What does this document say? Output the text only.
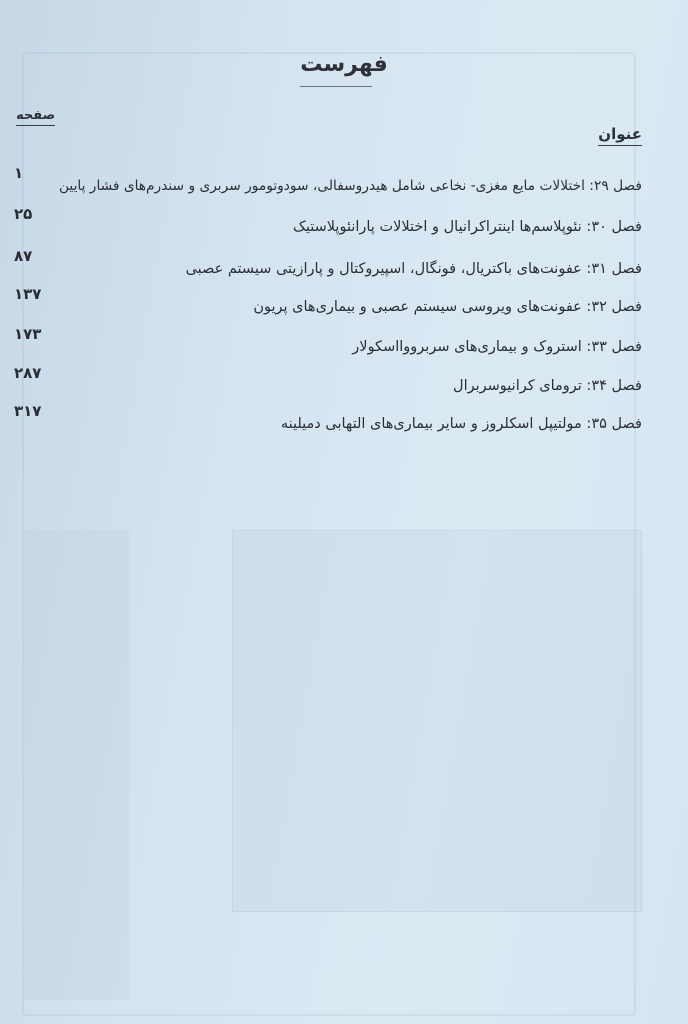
فهرست
صفحه
عنوان
فصل ۲۹: اختلالات مایع مغزی- نخاعی شامل هیدروسفالی، سودوتومور سربری و سندرم‌های فشار پایین
۱
فصل ۳۰: نئوپلاسم‌ها اینتراکرانیال و اختلالات پارانئوپلاستیک
۲۵
فصل ۳۱: عفونت‌های باکتریال، فونگال، اسپیروکتال و پارازیتی سیستم عصبی
۸۷
فصل ۳۲: عفونت‌های ویروسی سیستم عصبی و بیماری‌های پریون
۱۳۷
فصل ۳۳: استروک و بیماری‌های سربرووااسکولار
۱۷۳
فصل ۳۴: ترومای کرانیوسربرال
۲۸۷
فصل ۳۵: مولتیپل اسکلروز و سایر بیماری‌های التهابی دمیلینه
۳۱۷
